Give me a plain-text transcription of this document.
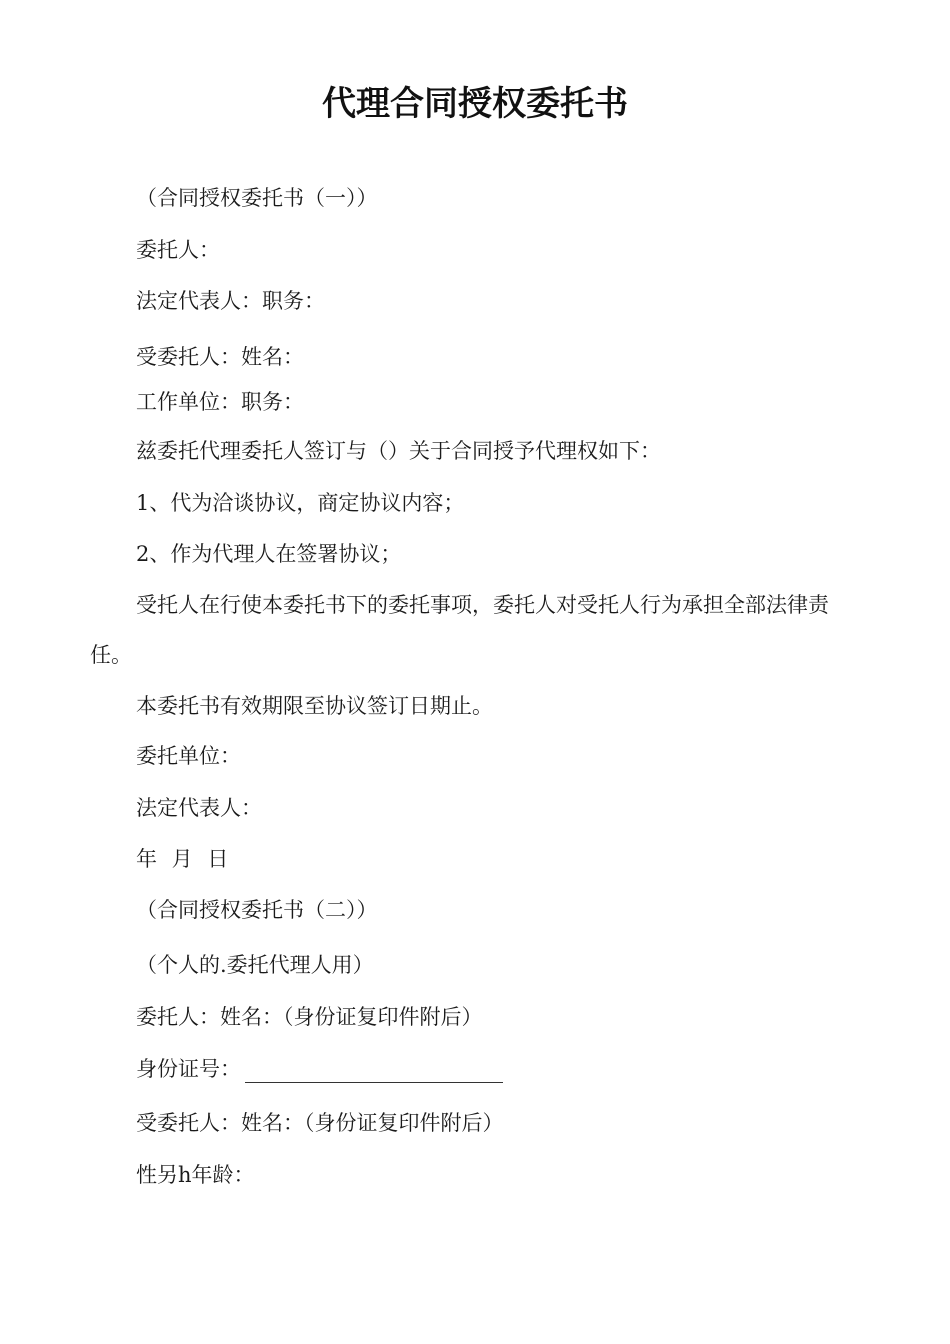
代理合同授权委托书
（合同授权委托书（一））
委托人：
法定代表人：职务：
受委托人：姓名：
工作单位：职务：
兹委托代理委托人签订与（）关于合同授予代理权如下：
1、代为洽谈协议，商定协议内容；
2、作为代理人在签署协议；
受托人在行使本委托书下的委托事项，委托人对受托人行为承担全部法律责任。
本委托书有效期限至协议签订日期止。
委托单位：
法定代表人：
年 月 日
（合同授权委托书（二））
（个人的.委托代理人用）
委托人：姓名：（身份证复印件附后）
身份证号：
受委托人：姓名：（身份证复印件附后）
性另h年龄：
